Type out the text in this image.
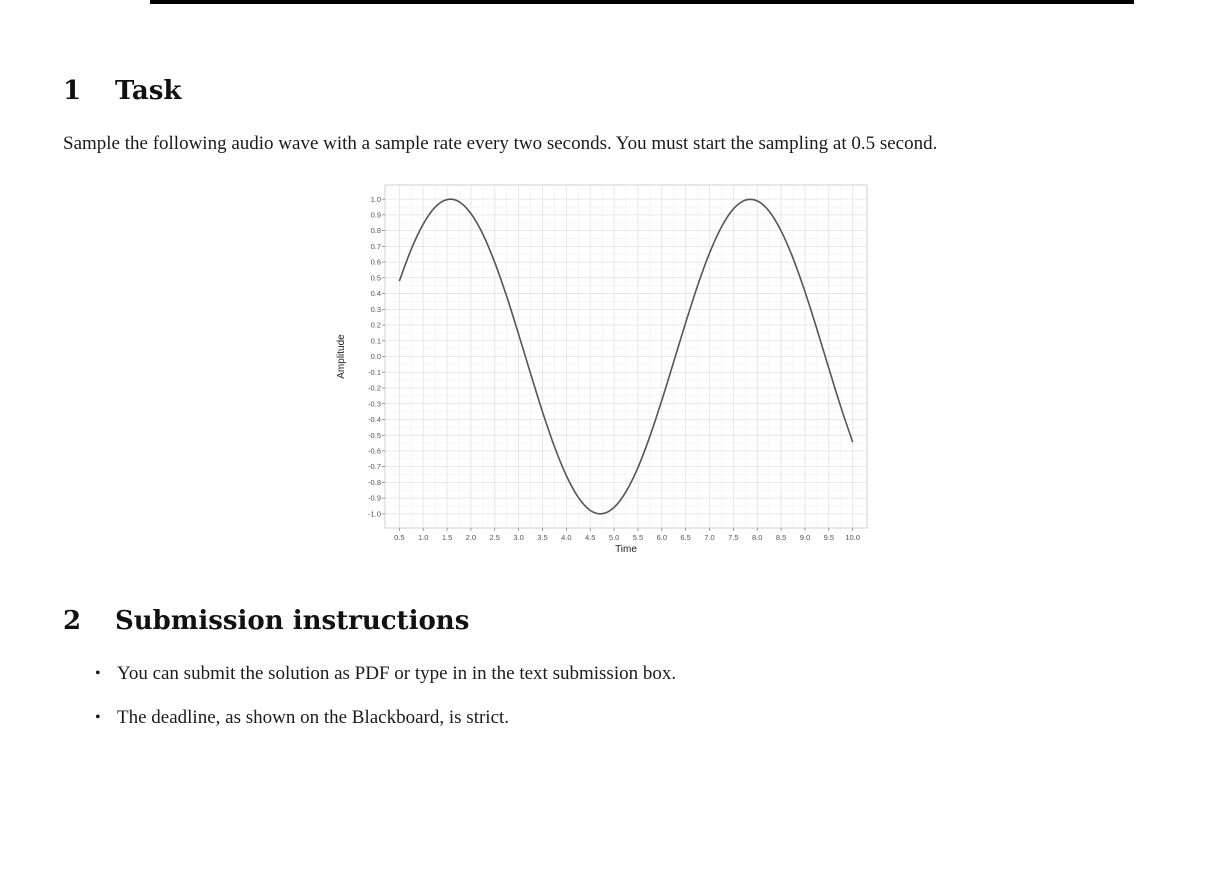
1 Task

Sample the following audio wave with a sample rate every two seconds. You must start the sampling at 0.5 second.

0.5 1.0 1.5 2.0 2.5 3.0 3.5 4.0 4.5 5.0 5.5 6.0 6.5 7.0 7.5 8.0 8.5 9.0 9.5 10.0
1.0
0.9
0.8
0.7
0.6
0.5
0.4
0.3
0.2
0.1
0.0
-0.1
-0.2
-0.3
-0.4
-0.5
-0.6
-0.7
-0.8
-0.9
-1.0
Time
Amplitude
2 Submission instructions
• You can submit the solution as PDF or type in in the text submission box.
• The deadline, as shown on the Blackboard, is strict.
